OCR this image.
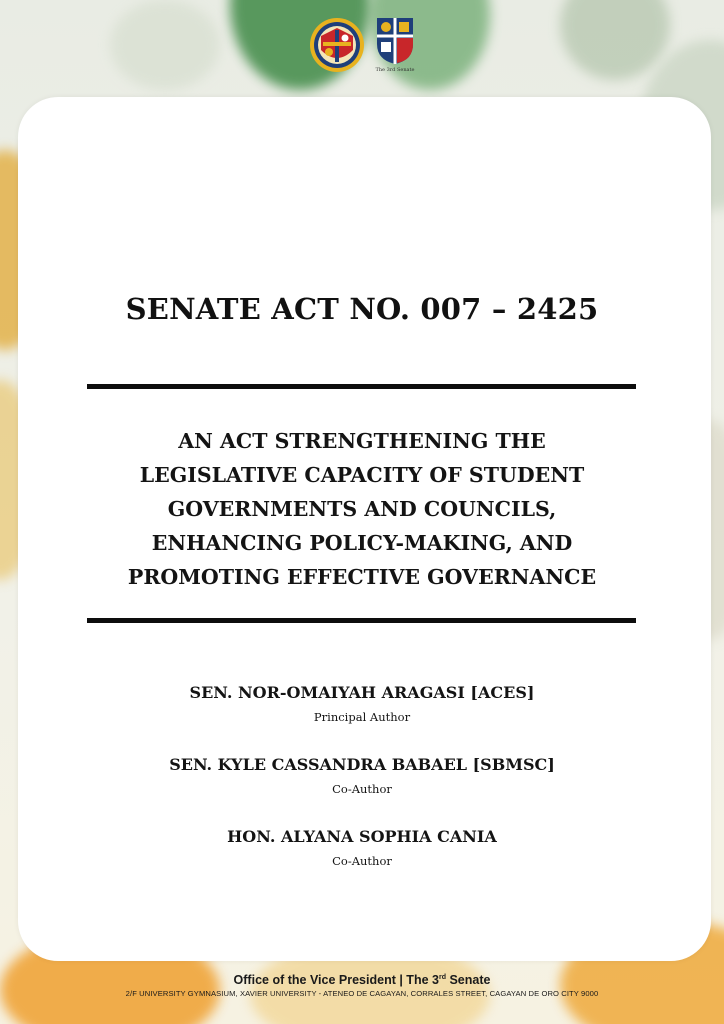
The 3rd Senate
SENATE ACT NO. 007 – 2425
AN ACT STRENGTHENING THE
LEGISLATIVE CAPACITY OF STUDENT
GOVERNMENTS AND COUNCILS,
ENHANCING POLICY-MAKING, AND
PROMOTING EFFECTIVE GOVERNANCE
SEN. NOR-OMAIYAH ARAGASI [ACES]
Principal Author
SEN. KYLE CASSANDRA BABAEL [SBMSC]
Co-Author
HON. ALYANA SOPHIA CANIA
Co-Author
Office of the Vice President | The 3rd Senate
2/F UNIVERSITY GYMNASIUM, XAVIER UNIVERSITY - ATENEO DE CAGAYAN, CORRALES STREET, CAGAYAN DE ORO CITY 9000
